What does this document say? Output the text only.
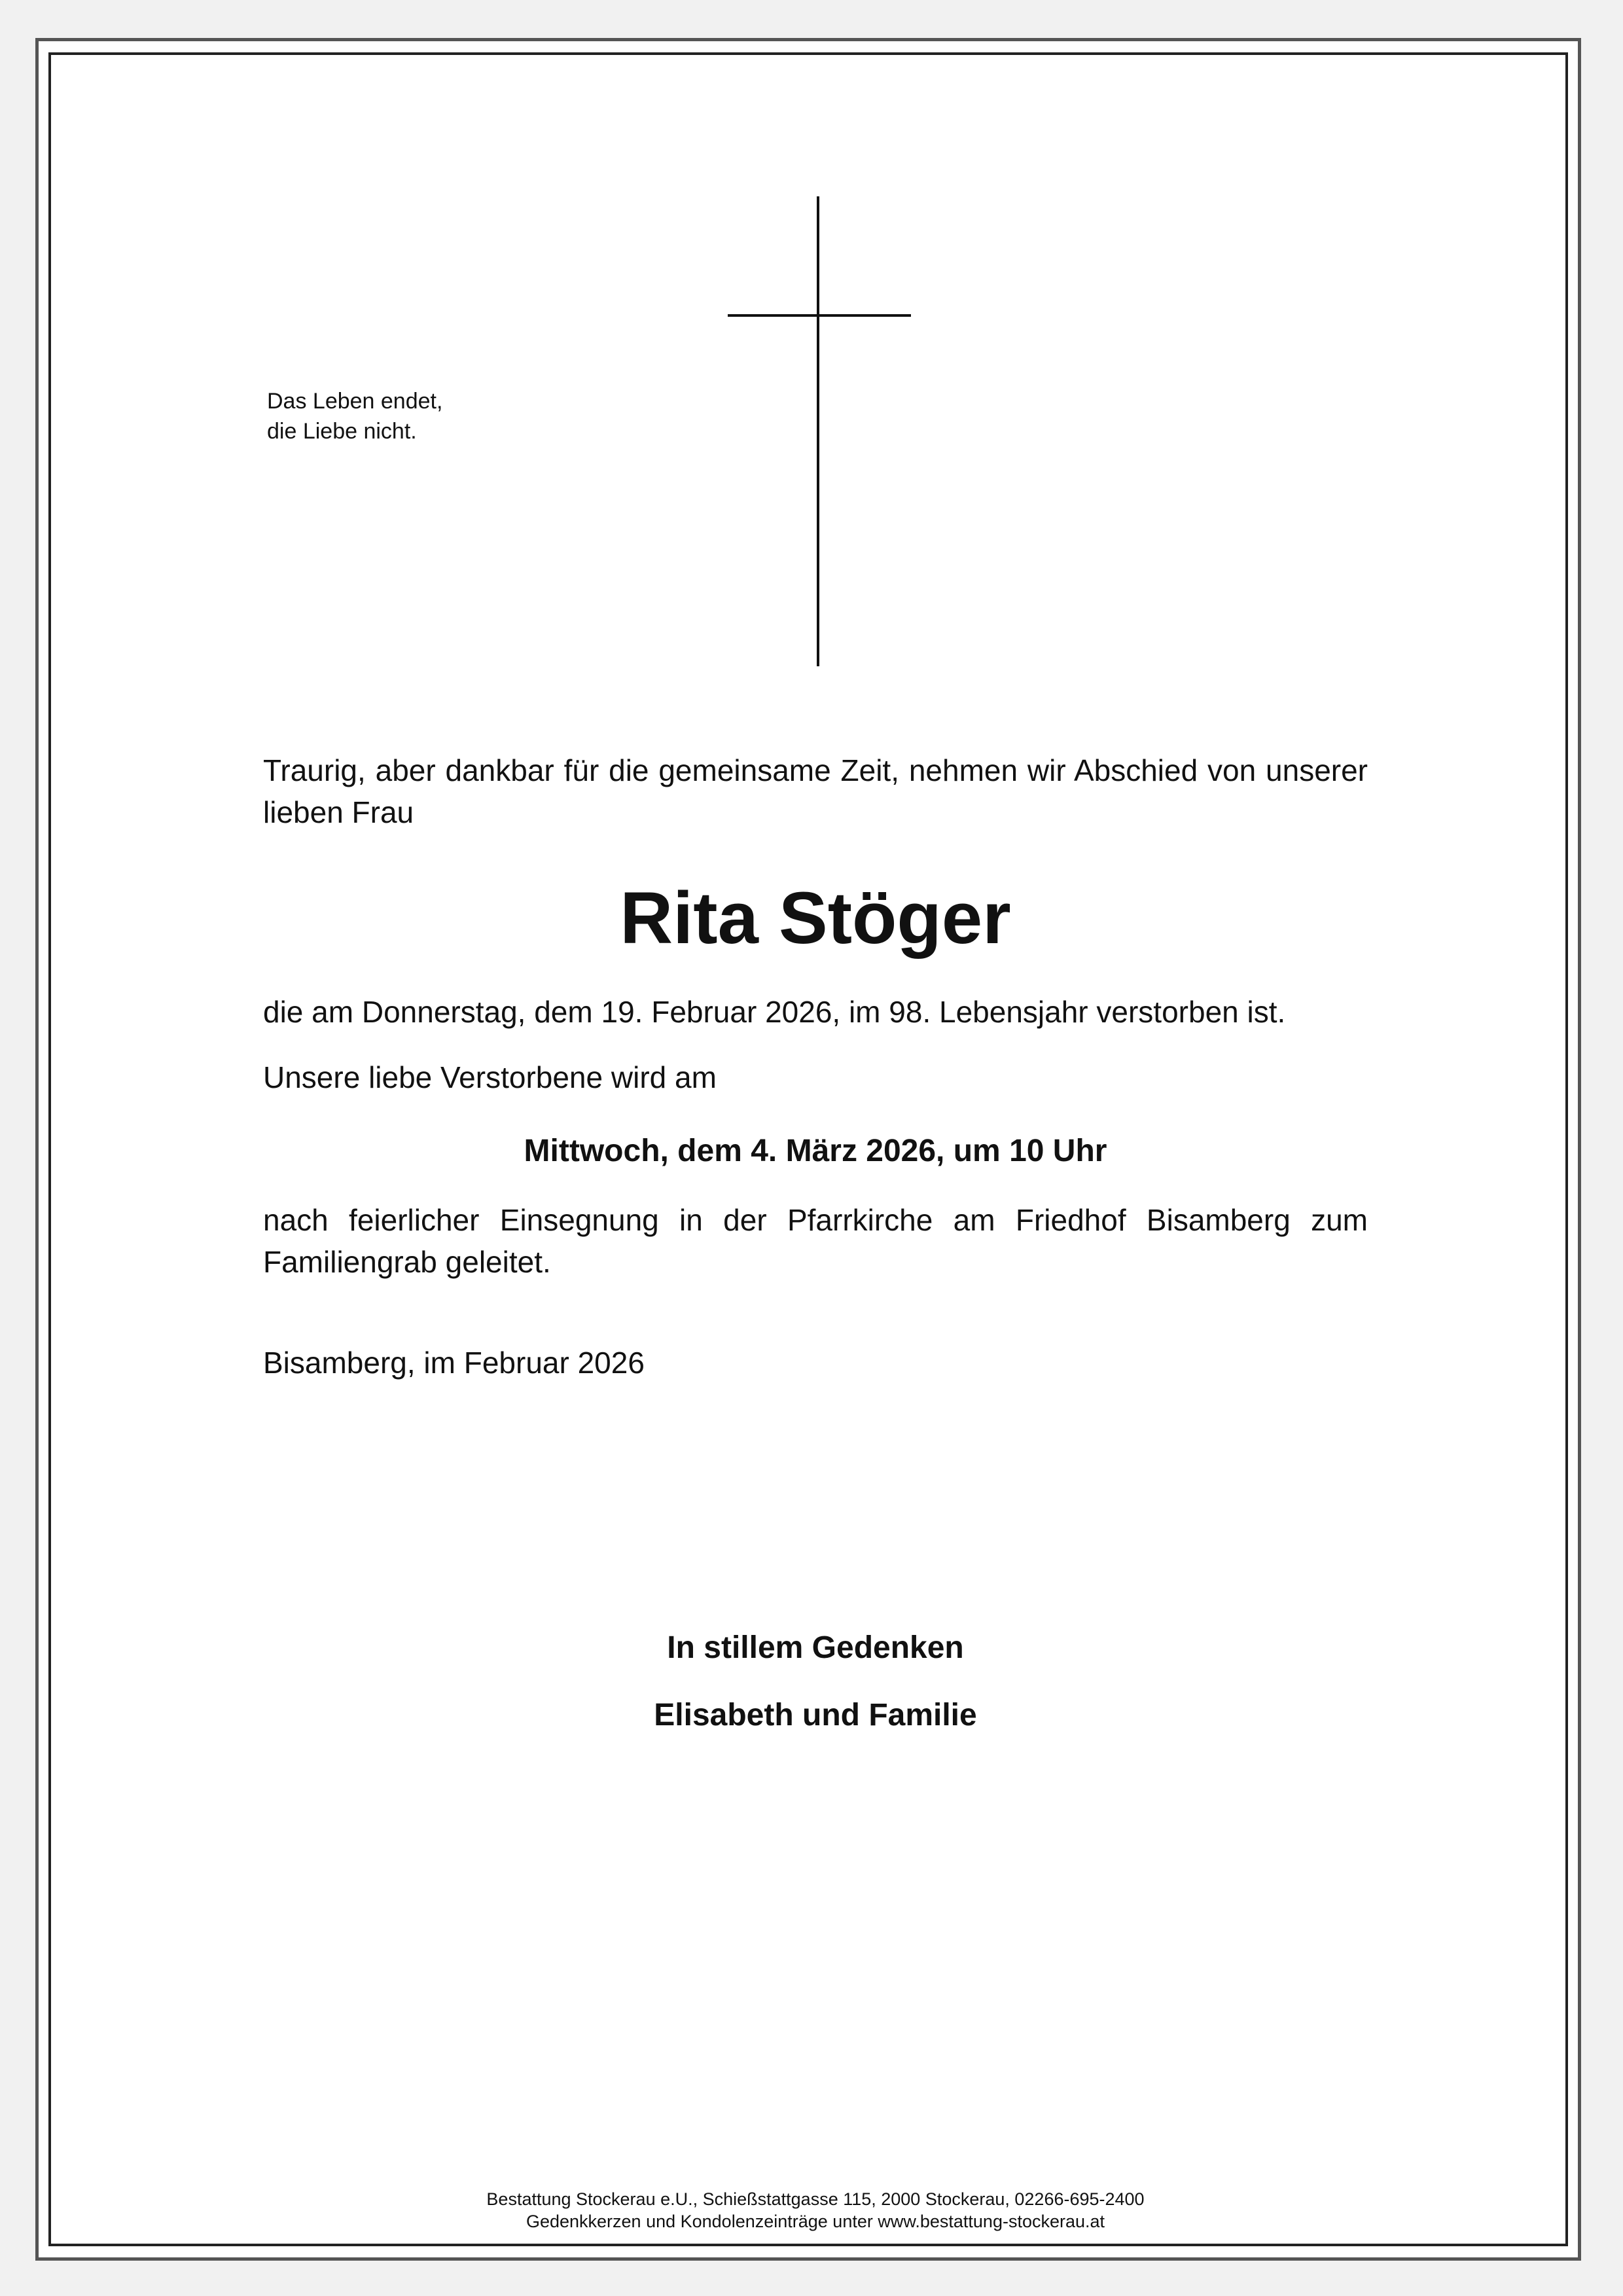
Das Leben endet,
die Liebe nicht.
Traurig, aber dankbar für die gemeinsame Zeit, nehmen wir Abschied von unserer lieben Frau
Rita Stöger
die am Donnerstag, dem 19. Februar 2026, im 98. Lebensjahr verstorben ist.
Unsere liebe Verstorbene wird am
Mittwoch, dem 4. März 2026, um 10 Uhr
nach feierlicher Einsegnung in der Pfarrkirche am Friedhof Bisamberg zum Familiengrab geleitet.
Bisamberg, im Februar 2026
In stillem Gedenken
Elisabeth und Familie
Bestattung Stockerau e.U., Schießstattgasse 115, 2000 Stockerau, 02266-695-2400
Gedenkkerzen und Kondolenzeinträge unter www.bestattung-stockerau.at
